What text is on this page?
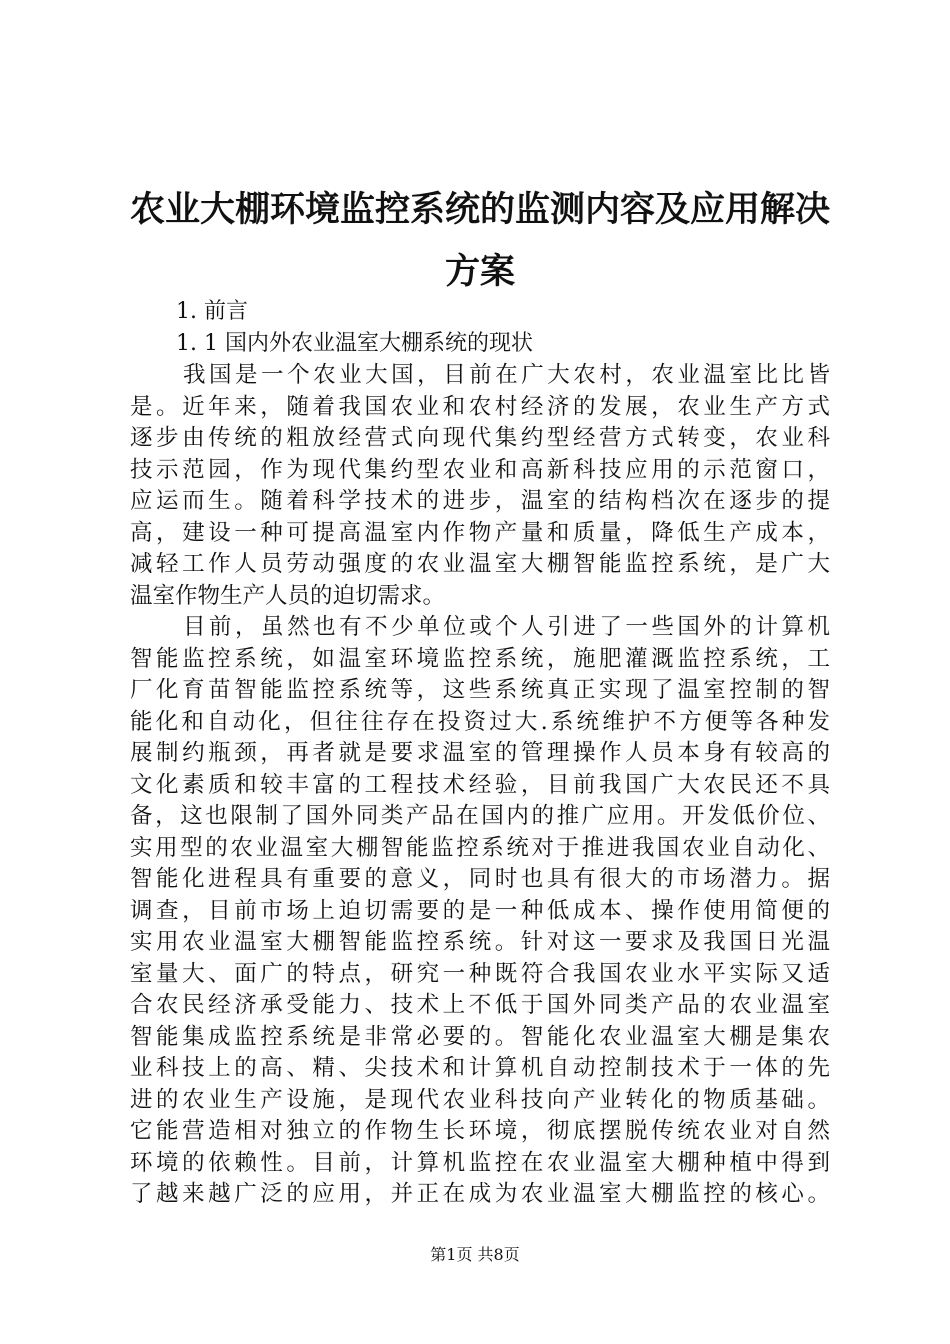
农业大棚环境监控系统的监测内容及应用解决
方案
1. 前言
1. 1 国内外农业温室大棚系统的现状
我国是一个农业大国，目前在广大农村，农业温室比比皆
是。近年来，随着我国农业和农村经济的发展，农业生产方式
逐步由传统的粗放经营式向现代集约型经营方式转变，农业科
技示范园，作为现代集约型农业和高新科技应用的示范窗口，
应运而生。随着科学技术的进步，温室的结构档次在逐步的提
高，建设一种可提高温室内作物产量和质量，降低生产成本，
减轻工作人员劳动强度的农业温室大棚智能监控系统，是广大
温室作物生产人员的迫切需求。
目前，虽然也有不少单位或个人引进了一些国外的计算机
智能监控系统，如温室环境监控系统，施肥灌溉监控系统，工
厂化育苗智能监控系统等，这些系统真正实现了温室控制的智
能化和自动化，但往往存在投资过大.系统维护不方便等各种发
展制约瓶颈，再者就是要求温室的管理操作人员本身有较高的
文化素质和较丰富的工程技术经验，目前我国广大农民还不具
备，这也限制了国外同类产品在国内的推广应用。开发低价位、
实用型的农业温室大棚智能监控系统对于推进我国农业自动化、
智能化进程具有重要的意义，同时也具有很大的市场潜力。据
调查，目前市场上迫切需要的是一种低成本、操作使用简便的
实用农业温室大棚智能监控系统。针对这一要求及我国日光温
室量大、面广的特点，研究一种既符合我国农业水平实际又适
合农民经济承受能力、技术上不低于国外同类产品的农业温室
智能集成监控系统是非常必要的。智能化农业温室大棚是集农
业科技上的高、精、尖技术和计算机自动控制技术于一体的先
进的农业生产设施，是现代农业科技向产业转化的物质基础。
它能营造相对独立的作物生长环境，彻底摆脱传统农业对自然
环境的依赖性。目前，计算机监控在农业温室大棚种植中得到
了越来越广泛的应用，并正在成为农业温室大棚监控的核心。
第1页 共8页
